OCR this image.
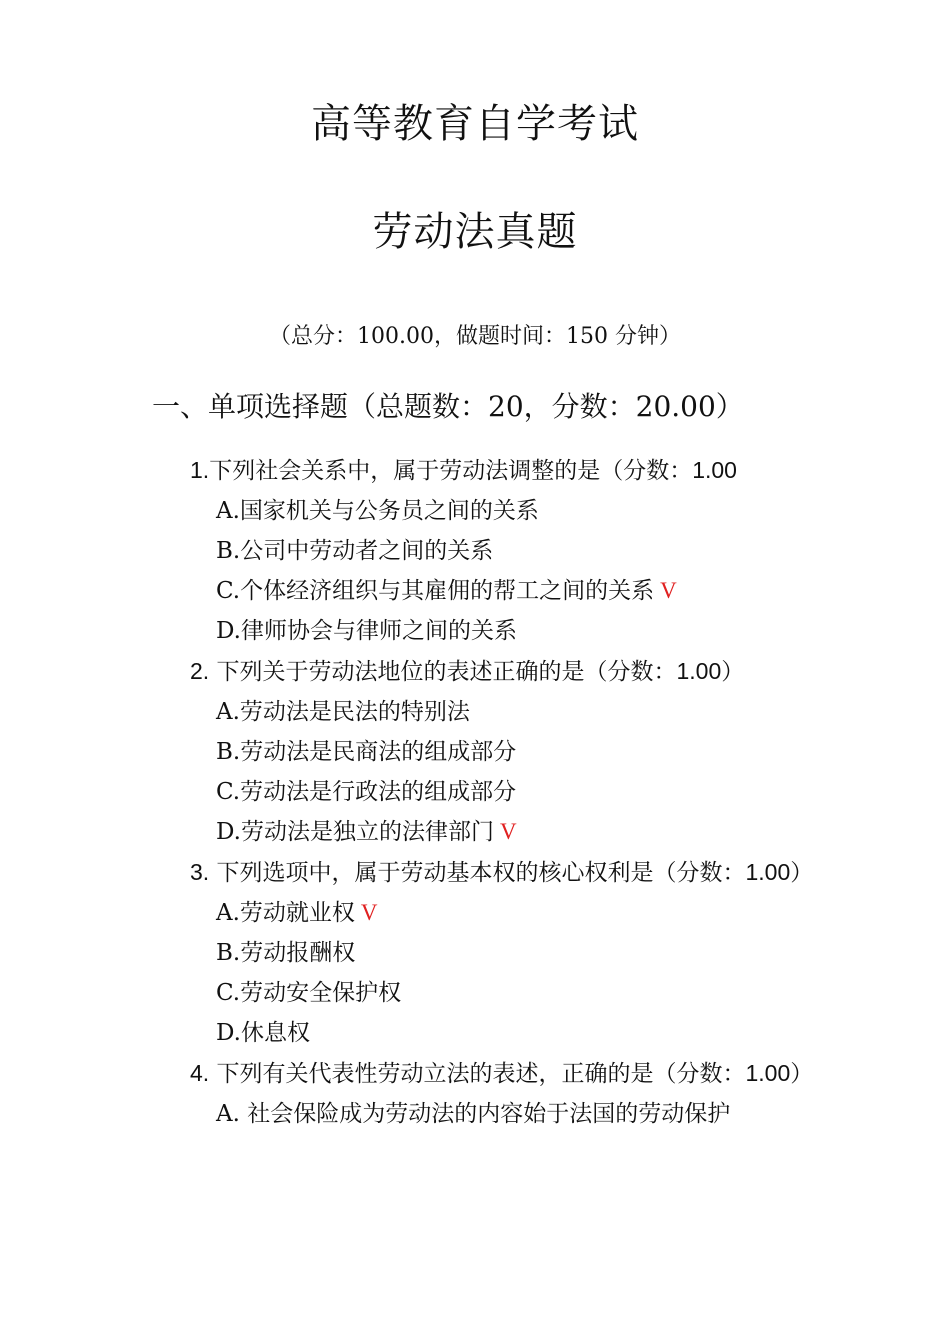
高等教育自学考试
劳动法真题
（总分：100.00，做题时间：150 分钟）
一、单项选择题（总题数：20，分数：20.00）
1.下列社会关系中，属于劳动法调整的是（分数：1.00
A.国家机关与公务员之间的关系
B.公司中劳动者之间的关系
C.个体经济组织与其雇佣的帮工之间的关系 V
D.律师协会与律师之间的关系
2. 下列关于劳动法地位的表述正确的是（分数：1.00）
A.劳动法是民法的特别法
B.劳动法是民商法的组成部分
C.劳动法是行政法的组成部分
D.劳动法是独立的法律部门 V
3. 下列选项中，属于劳动基本权的核心权利是（分数：1.00）
A.劳动就业权 V
B.劳动报酬权
C.劳动安全保护权
D.休息权
4. 下列有关代表性劳动立法的表述，正确的是（分数：1.00）
A. 社会保险成为劳动法的内容始于法国的劳动保护
